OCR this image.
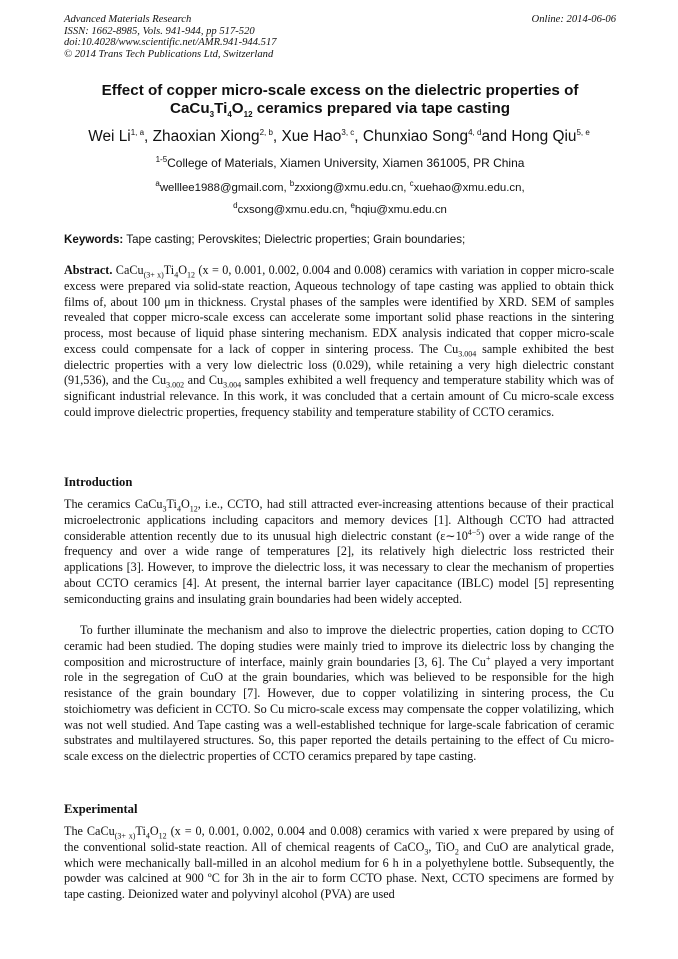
Advanced Materials Research
ISSN: 1662-8985, Vols. 941-944, pp 517-520
doi:10.4028/www.scientific.net/AMR.941-944.517
© 2014 Trans Tech Publications Ltd, Switzerland
Online: 2014-06-06
Effect of copper micro-scale excess on the dielectric properties of
$CaCu_3Ti_4O_{12}$ ceramics prepared via tape casting
Wei Li$^{1, a}$, Zhaoxian Xiong$^{2, b}$, Xue Hao$^{3, c}$, Chunxiao Song$^{4, d}$and Hong Qiu$^{5, e}$
$^{1-5}$College of Materials, Xiamen University, Xiamen 361005, PR China
$^a$welllee1988@gmail.com, $^b$zxxiong@xmu.edu.cn, $^c$xuehao@xmu.edu.cn,
$^d$cxsong@xmu.edu.cn, $^e$hqiu@xmu.edu.cn
Keywords: Tape casting; Perovskites; Dielectric properties; Grain boundaries;
Abstract. $CaCu_{(3+ x)}Ti_4O_{12}$ (x = 0, 0.001, 0.002, 0.004 and 0.008) ceramics with variation in copper micro-scale excess were prepared via solid-state reaction, Aqueous technology of tape casting was applied to obtain thick films of, about 100 μm in thickness. Crystal phases of the samples were identified by XRD. SEM of samples revealed that copper micro-scale excess can accelerate some important solid phase reactions in the sintering process, most because of liquid phase sintering mechanism. EDX analysis indicated that copper micro-scale excess could compensate for a lack of copper in sintering process. The $Cu_{3.004}$ sample exhibited the best dielectric properties with a very low dielectric loss (0.029), while retaining a very high dielectric constant (91,536), and the $Cu_{3.002}$ and $Cu_{3.004}$ samples exhibited a well frequency and temperature stability which was of significant industrial relevance. In this work, it was concluded that a certain amount of Cu micro-scale excess could improve dielectric properties, frequency stability and temperature stability of CCTO ceramics.
Introduction
The ceramics $CaCu_3Ti_4O_{12}$, i.e., CCTO, had still attracted ever-increasing attentions because of their practical microelectronic applications including capacitors and memory devices [1]. Although CCTO had attracted considerable attention recently due to its unusual high dielectric constant $(\varepsilon\sim 10^{4-5})$ over a wide range of the frequency and over a wide range of temperatures [2], its relatively high dielectric loss restricted their applications [3]. However, to improve the dielectric loss, it was necessary to clear the mechanism of properties about CCTO ceramics [4]. At present, the internal barrier layer capacitance (IBLC) model [5] representing semiconducting grains and insulating grain boundaries had been widely accepted.
To further illuminate the mechanism and also to improve the dielectric properties, cation doping to CCTO ceramic had been studied. The doping studies were mainly tried to improve its dielectric loss by changing the composition and microstructure of interface, mainly grain boundaries [3, 6]. The Cu+ played a very important role in the segregation of CuO at the grain boundaries, which was believed to be responsible for the high resistance of the grain boundary [7]. However, due to copper volatilizing in sintering process, the Cu stoichiometry was deficient in CCTO. So Cu micro-scale excess may compensate the copper volatilizing, which was not well studied. And Tape casting was a well-established technique for large-scale fabrication of ceramic substrates and multilayered structures. So, this paper reported the details pertaining to the effect of Cu micro-scale excess on the dielectric properties of CCTO ceramics prepared by tape casting.
Experimental
The $CaCu_{(3+ x)}Ti_4O_{12}$ (x = 0, 0.001, 0.002, 0.004 and 0.008) ceramics with varied x were prepared by using of the conventional solid-state reaction. All of chemical reagents of CaCO$_3$, TiO$_2$ and CuO are analytical grade, which were mechanically ball-milled in an alcohol medium for 6 h in a polyethylene bottle. Subsequently, the powder was calcined at 900 ºC for 3h in the air to form CCTO phase. Next, CCTO specimens are formed by tape casting. Deionized water and polyvinyl alcohol (PVA) are used
